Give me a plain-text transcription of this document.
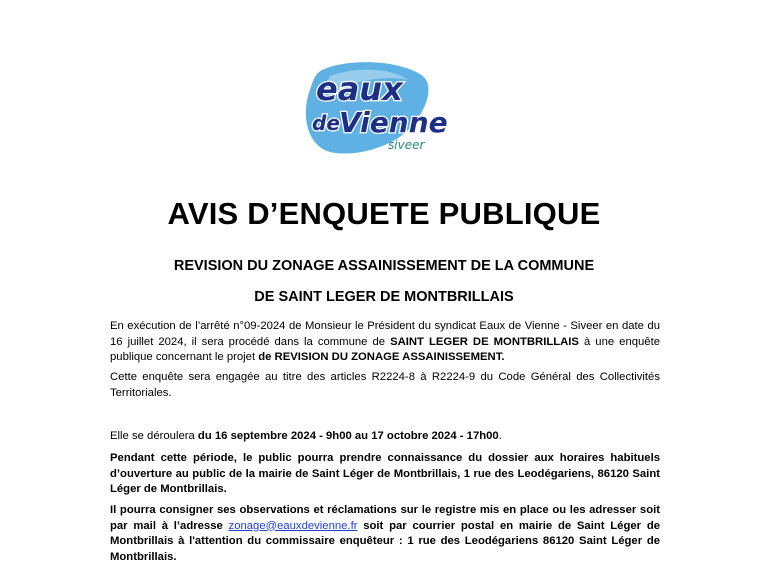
eaux
de Vienne
siveer
AVIS D’ENQUETE PUBLIQUE
REVISION DU ZONAGE ASSAINISSEMENT DE LA COMMUNE
DE SAINT LEGER DE MONTBRILLAIS
En exécution de l’arrêté n°09-2024 de Monsieur le Président du syndicat Eaux de Vienne - Siveer en date du 16 juillet 2024, il sera procédé dans la commune de SAINT LEGER DE MONTBRILLAIS à une enquête publique concernant le projet de REVISION DU ZONAGE ASSAINISSEMENT.
Cette enquête sera engagée au titre des articles R2224-8 à R2224-9 du Code Général des Collectivités Territoriales.
Elle se déroulera du 16 septembre 2024 - 9h00 au 17 octobre 2024 - 17h00.
Pendant cette période, le public pourra prendre connaissance du dossier aux horaires habituels d’ouverture au public de la mairie de Saint Léger de Montbrillais, 1 rue des Leodégariens, 86120 Saint Léger de Montbrillais.
Il pourra consigner ses observations et réclamations sur le registre mis en place ou les adresser soit par mail à l’adresse zonage@eauxdevienne.fr soit par courrier postal en mairie de Saint Léger de Montbrillais à l'attention du commissaire enquêteur : 1 rue des Leodégariens 86120 Saint Léger de Montbrillais.
